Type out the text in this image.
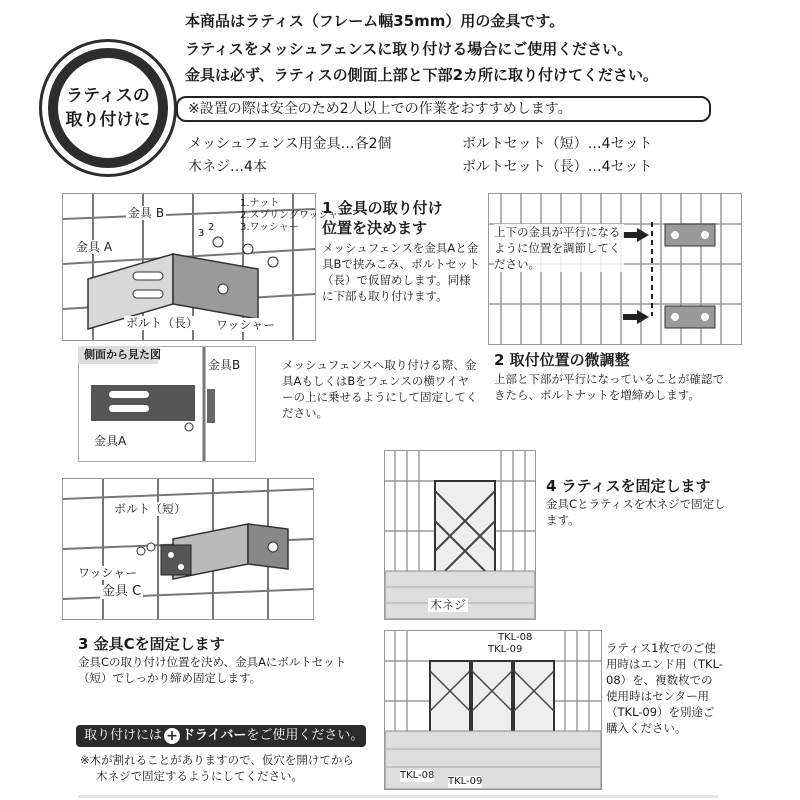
ラティスの
取り付けに
本商品はラティス（フレーム幅35mm）用の金具です。
ラティスをメッシュフェンスに取り付ける場合にご使用ください。
金具は必ず、ラティスの側面上部と下部2カ所に取り付けてください。
※設置の際は安全のため2人以上での作業をおすすめします。
メッシュフェンス用金具…各2個
木ネジ…4本
ボルトセット（短）…4セット
ボルトセット（長）…4セット
金具 B
金具 A
ボルト（長） ワッシャー
3
2
1.ナット
2.スプリングワッシャー
3.ワッシャー
1 金具の取り付け
位置を決めます
メッシュフェンスを金具Aと金具Bで挟みこみ、ボルトセット（長）で仮留めします。同様に下部も取り付けます。
側面から見た図
金具B
金具A
メッシュフェンスへ取り付ける際、金具AもしくはBをフェンスの横ワイヤーの上に乗せるようにして固定してください。
上下の金具が平行になるように位置を調節してください。
2 取付位置の微調整
上部と下部が平行になっていることが確認できたら、ボルトナットを増締めします。
ボルト（短）
ワッシャー
金具 C
3 金具Cを固定します
金具Cの取り付け位置を決め、金具Aにボルトセット（短）でしっかり締め固定します。
木ネジ
4 ラティスを固定します
金具Cとラティスを木ネジで固定します。
TKL-08
TKL-09
TKL-08
TKL-09
ラティス1枚でのご使用時はエンド用（TKL-08）を、複数枚での使用時はセンター用（TKL-09）を別途ご購入ください。
取り付けには + ドライバー をご使用ください。
※木が割れることがありますので、仮穴を開けてから
木ネジで固定するようにしてください。
